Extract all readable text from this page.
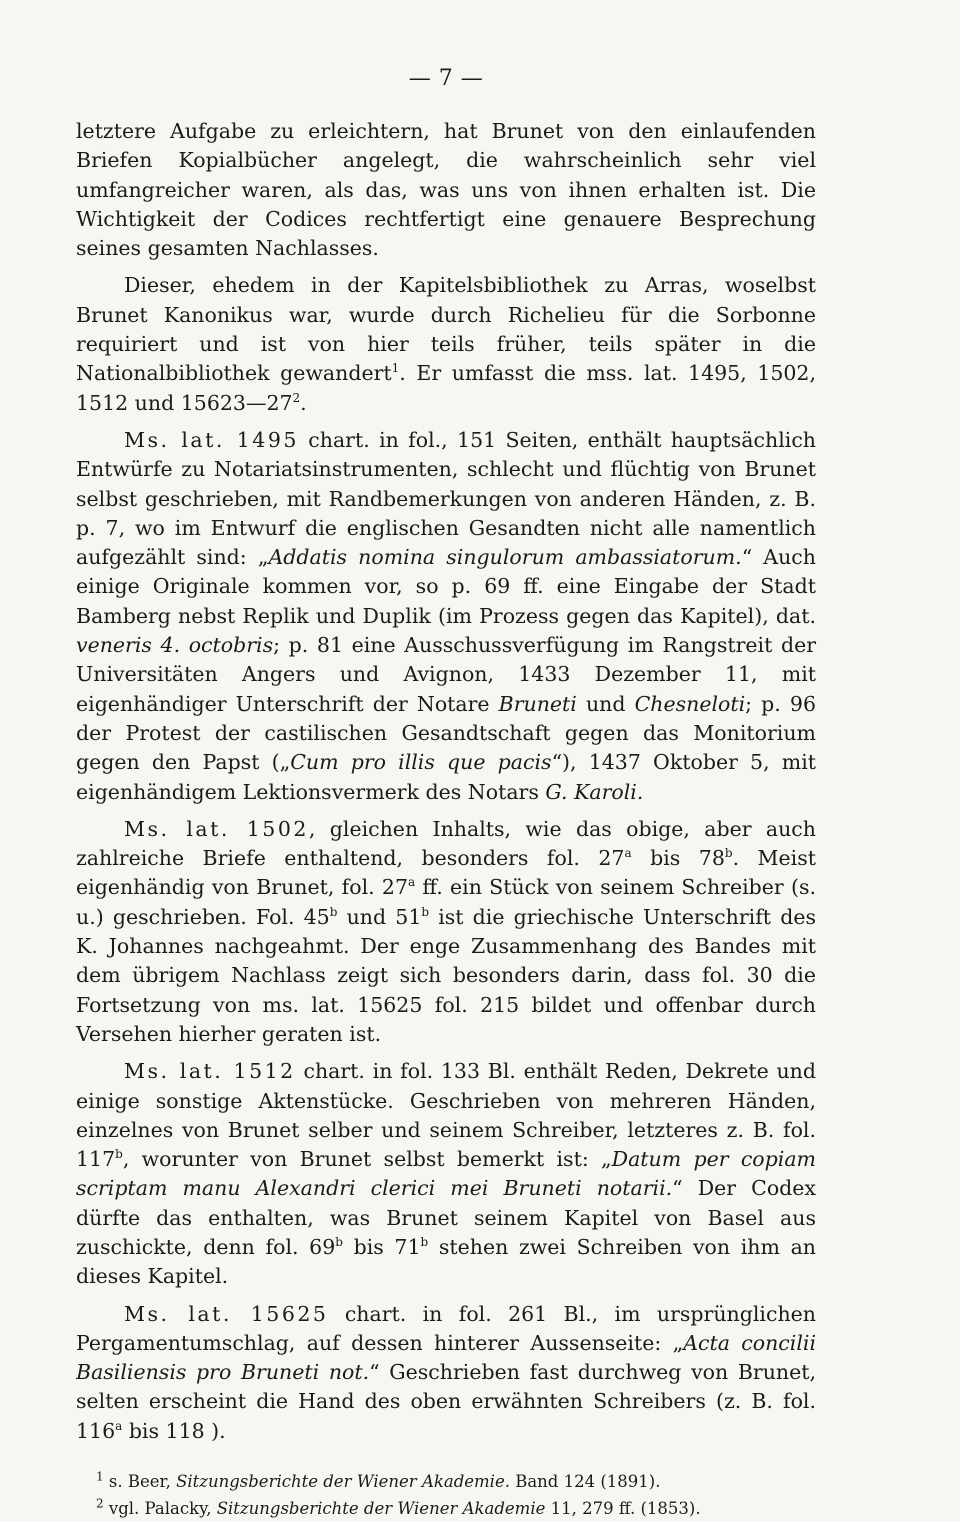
— 7 —

letztere Aufgabe zu erleichtern, hat Brunet von den einlaufenden Briefen Kopialbücher angelegt, die wahrscheinlich sehr viel umfangreicher waren, als das, was uns von ihnen erhalten ist. Die Wichtigkeit der Codices rechtfertigt eine genauere Besprechung seines gesamten Nachlasses.

Dieser, ehedem in der Kapitelsbibliothek zu Arras, woselbst Brunet Kanonikus war, wurde durch Richelieu für die Sorbonne requiriert und ist von hier teils früher, teils später in die Nationalbibliothek gewandert$^1$. Er umfasst die mss. lat. 1495, 1502, 1512 und $15623—27^2$.

Ms. lat. 1495 chart. in fol., 151 Seiten, enthält hauptsächlich Entwürfe zu Notariatsinstrumenten, schlecht und flüchtig von Brunet selbst geschrieben, mit Randbemerkungen von anderen Händen, z. B. p. 7, wo im Entwurf die englischen Gesandten nicht alle namentlich aufgezählt sind: „Addatis nomina singulorum ambassiatorum.“ Auch einige Originale kommen vor, so p. 69 ff. eine Eingabe der Stadt Bamberg nebst Replik und Duplik (im Prozess gegen das Kapitel), dat. veneris 4. octobris; p. 81 eine Ausschussverfügung im Rangstreit der Universitäten Angers und Avignon, 1433 Dezember 11, mit eigenhändiger Unterschrift der Notare Bruneti und Chesneloti; p. 96 der Protest der castilischen Gesandtschaft gegen das Monitorium gegen den Papst („Cum pro illis que pacis“), 1437 Oktober 5, mit eigenhändigem Lektionsvermerk des Notars G. Karoli.

Ms. lat. 1502, gleichen Inhalts, wie das obige, aber auch zahlreiche Briefe enthaltend, besonders fol. 27$^a$ bis 78$^b$. Meist eigenhändig von Brunet, fol. 27$^a$ ff. ein Stück von seinem Schreiber (s. u.) geschrieben. Fol. 45$^b$ und 51$^b$ ist die griechische Unterschrift des K. Johannes nachgeahmt. Der enge Zusammenhang des Bandes mit dem übrigem Nachlass zeigt sich besonders darin, dass fol. 30 die Fortsetzung von ms. lat. 15625 fol. 215 bildet und offenbar durch Versehen hierher geraten ist.

Ms. lat. 1512 chart. in fol. 133 Bl. enthält Reden, Dekrete und einige sonstige Aktenstücke. Geschrieben von mehreren Händen, einzelnes von Brunet selber und seinem Schreiber, letzteres z. B. fol. 117$^b$, worunter von Brunet selbst bemerkt ist: „Datum per copiam scriptam manu Alexandri clerici mei Bruneti notarii.“ Der Codex dürfte das enthalten, was Brunet seinem Kapitel von Basel aus zuschickte, denn fol. 69$^b$ bis 71$^b$ stehen zwei Schreiben von ihm an dieses Kapitel.

Ms. lat. 15625 chart. in fol. 261 Bl., im ursprünglichen Pergamentumschlag, auf dessen hinterer Aussenseite: „Acta concilii Basiliensis pro Bruneti not.“ Geschrieben fast durchweg von Brunet, selten erscheint die Hand des oben erwähnten Schreibers (z. B. fol. 116$^a$ bis 118 ).

$^1$ s. Beer, Sitzungsberichte der Wiener Akademie. Band 124 (1891).

$^2$ vgl. Palacky, Sitzungsberichte der Wiener Akademie 11, 279 ff. (1853).
